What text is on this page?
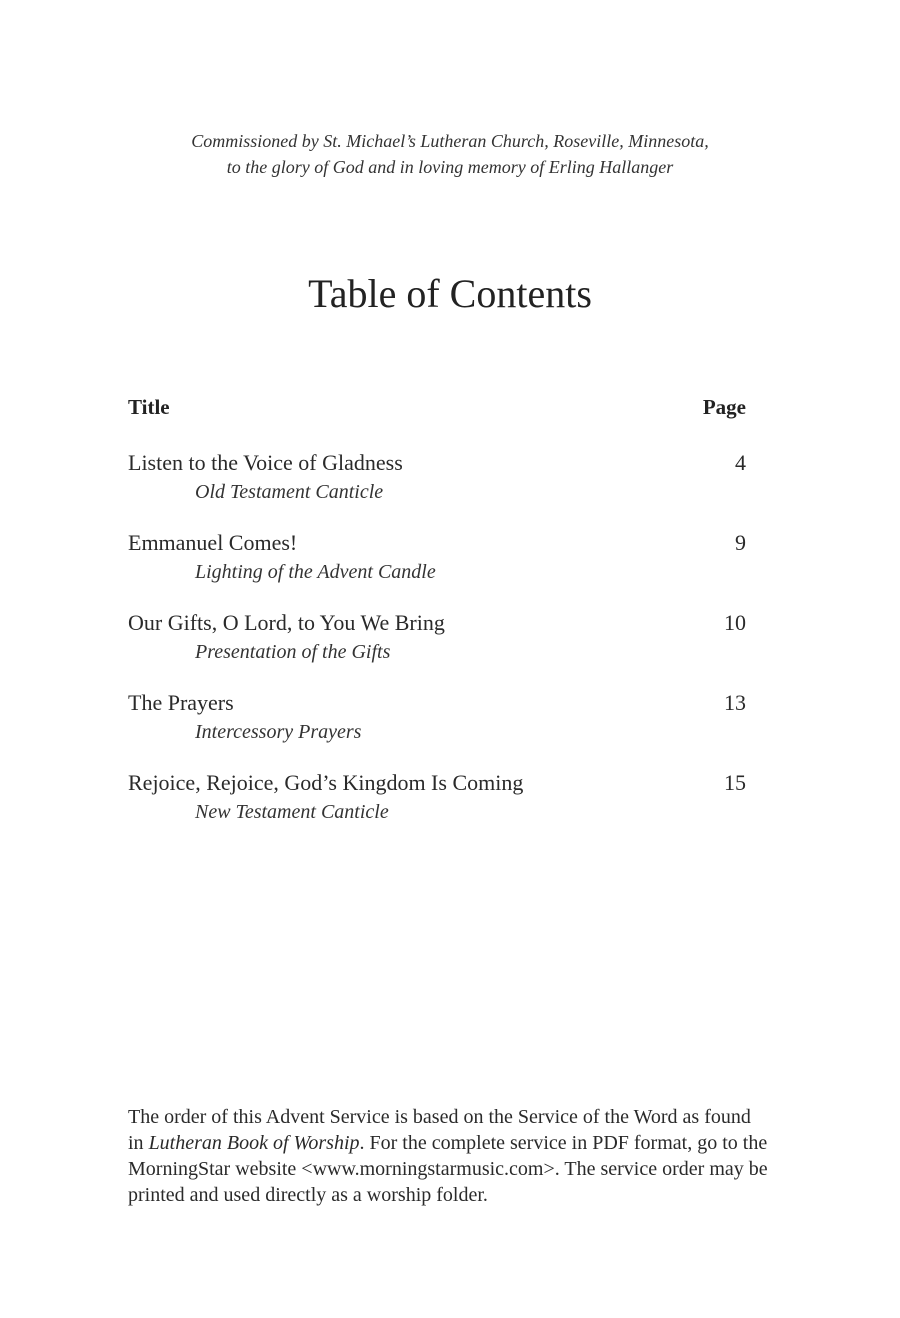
Commissioned by St. Michael’s Lutheran Church, Roseville, Minnesota,
to the glory of God and in loving memory of Erling Hallanger
Table of Contents
Title	Page
Listen to the Voice of Gladness	4
Old Testament Canticle
Emmanuel Comes!	9
Lighting of the Advent Candle
Our Gifts, O Lord, to You We Bring	10
Presentation of the Gifts
The Prayers	13
Intercessory Prayers
Rejoice, Rejoice, God’s Kingdom Is Coming	15
New Testament Canticle
The order of this Advent Service is based on the Service of the Word as found in Lutheran Book of Worship. For the complete service in PDF format, go to the MorningStar website <www.morningstarmusic.com>. The service order may be printed and used directly as a worship folder.
